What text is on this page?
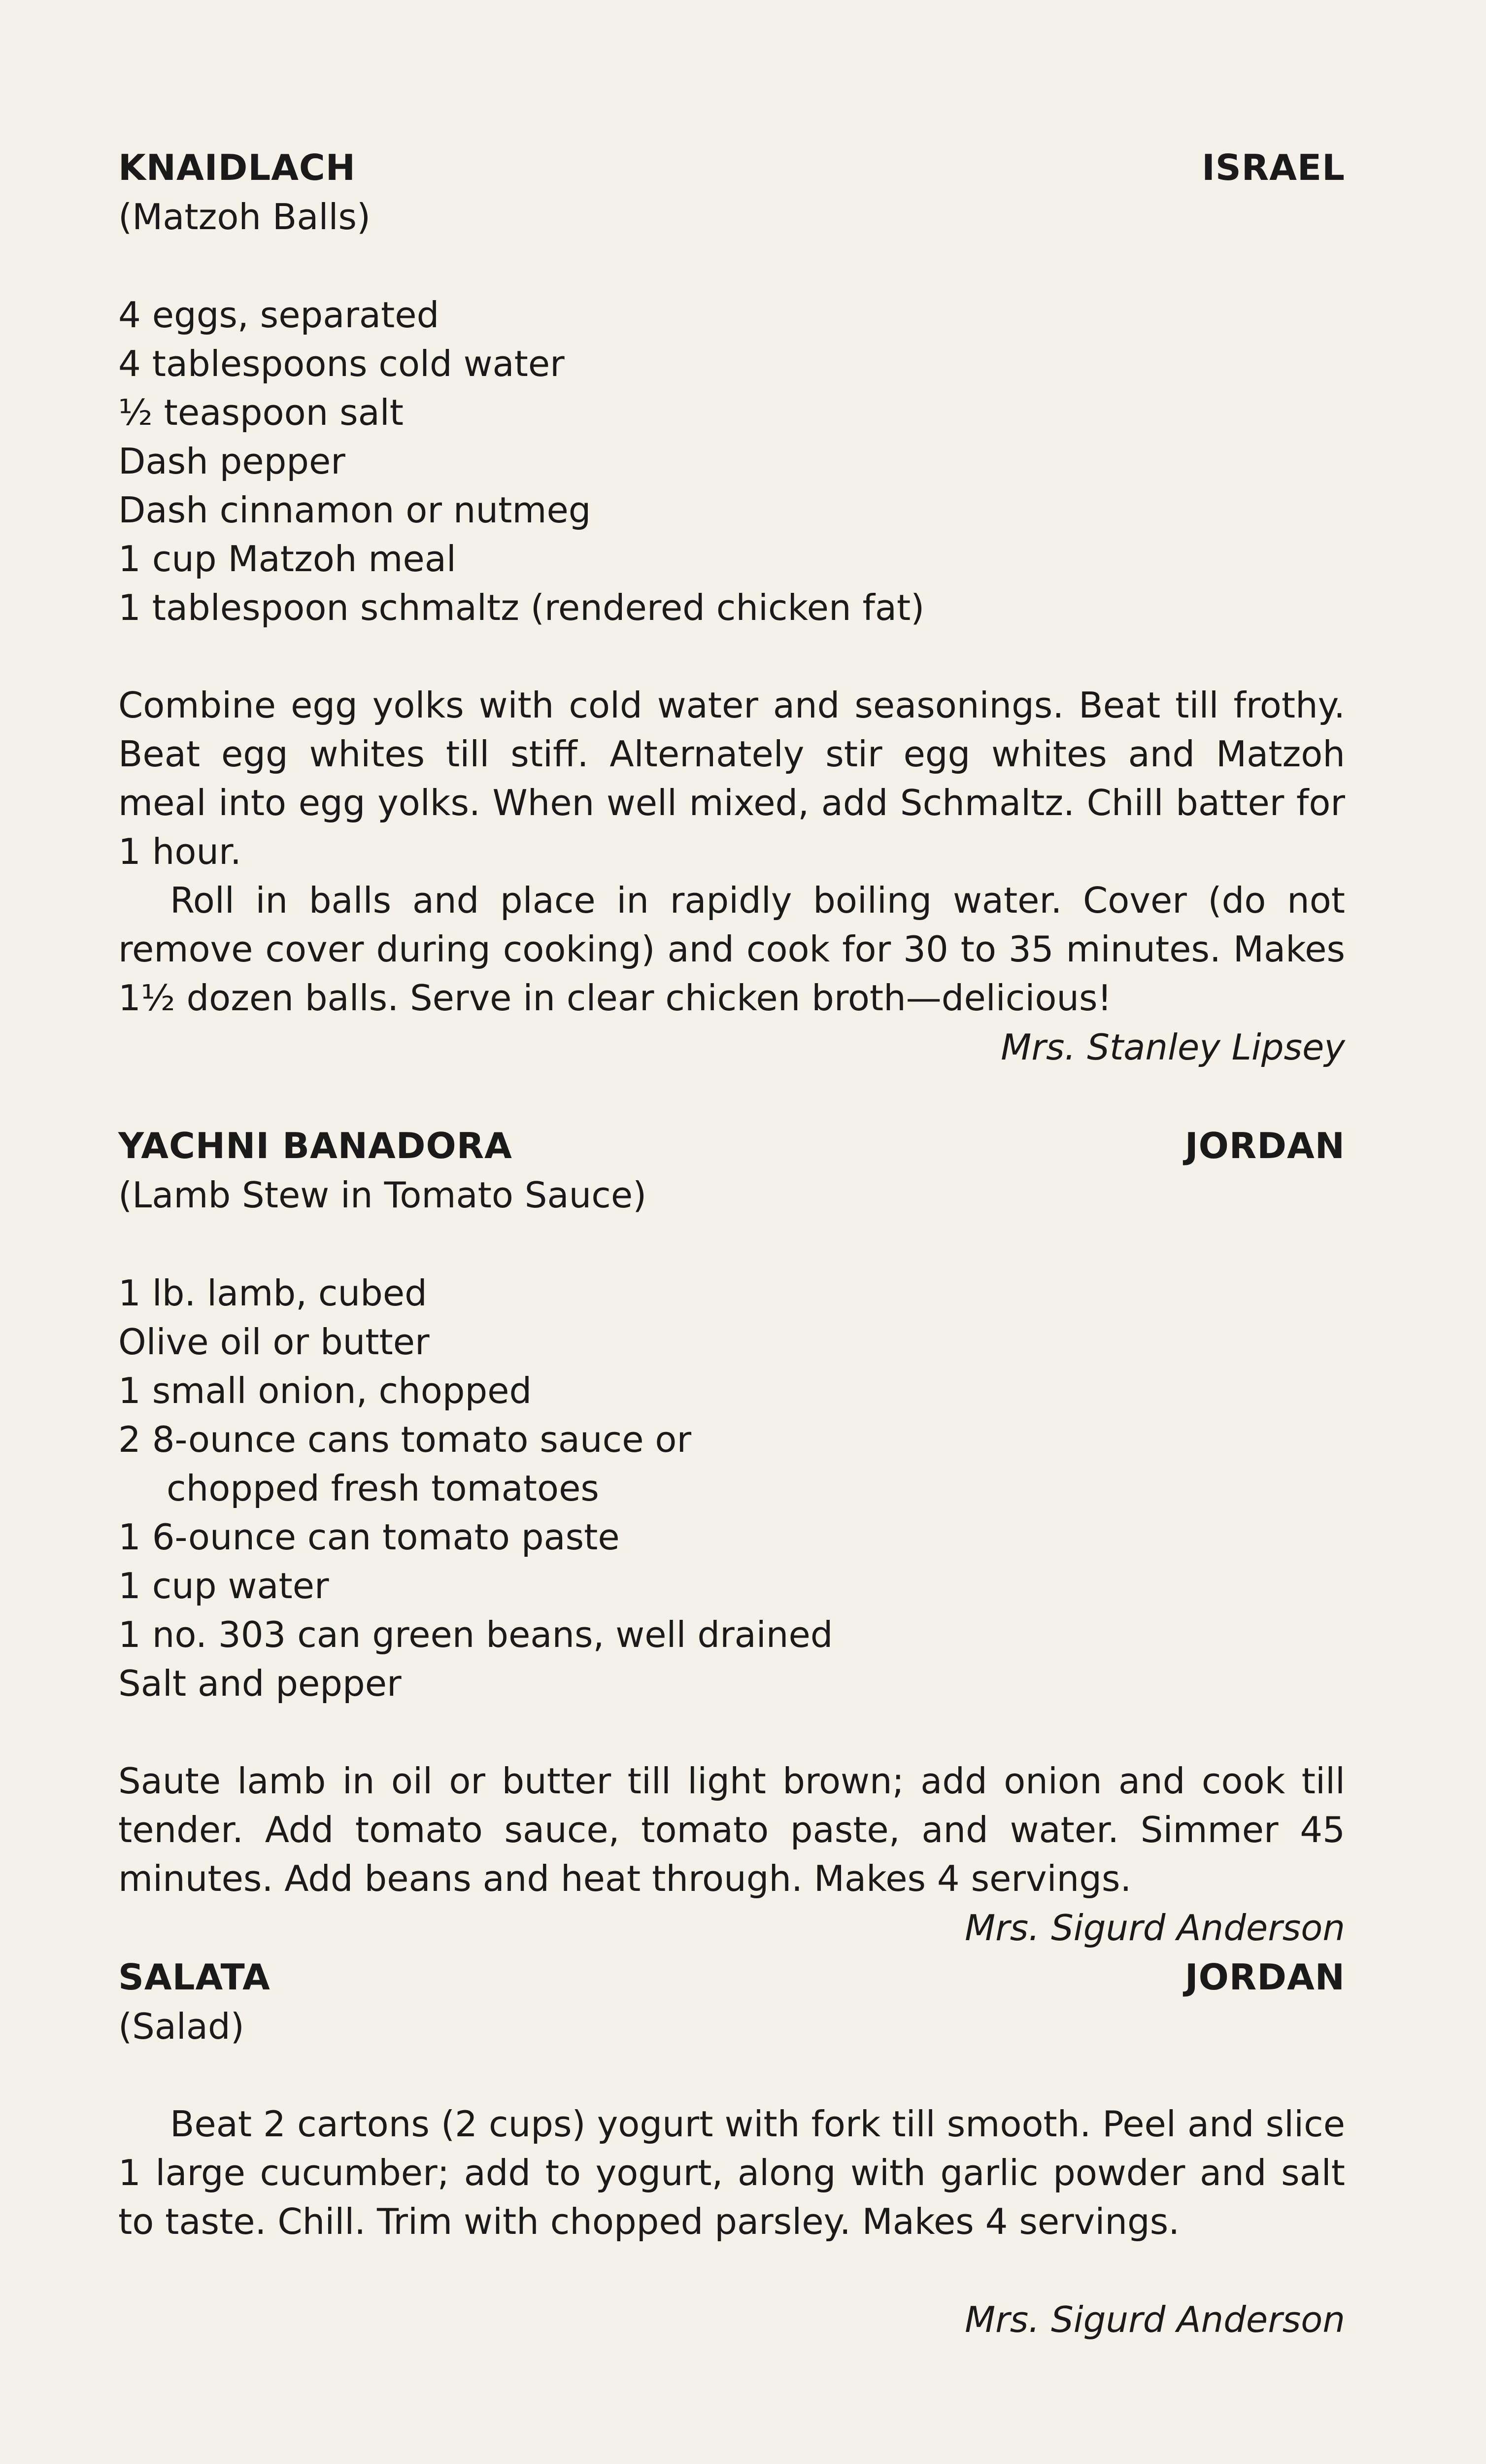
KNAIDLACH	ISRAEL
(Matzoh Balls)
4 eggs, separated
4 tablespoons cold water
½ teaspoon salt
Dash pepper
Dash cinnamon or nutmeg
1 cup Matzoh meal
1 tablespoon schmaltz (rendered chicken fat)

Combine egg yolks with cold water and seasonings. Beat till frothy. Beat egg whites till stiff. Alternately stir egg whites and Matzoh meal into egg yolks. When well mixed, add Schmaltz. Chill batter for 1 hour.

Roll in balls and place in rapidly boiling water. Cover (do not remove cover during cooking) and cook for 30 to 35 minutes. Makes 1½ dozen balls. Serve in clear chicken broth—delicious!

Mrs. Stanley Lipsey
YACHNI BANADORA	JORDAN
(Lamb Stew in Tomato Sauce)
1 lb. lamb, cubed
Olive oil or butter
1 small onion, chopped
2 8-ounce cans tomato sauce or
chopped fresh tomatoes
1 6-ounce can tomato paste
1 cup water
1 no. 303 can green beans, well drained
Salt and pepper

Saute lamb in oil or butter till light brown; add onion and cook till tender. Add tomato sauce, tomato paste, and water. Simmer 45 minutes. Add beans and heat through. Makes 4 servings.

Mrs. Sigurd Anderson
SALATA	JORDAN
(Salad)

Beat 2 cartons (2 cups) yogurt with fork till smooth. Peel and slice 1 large cucumber; add to yogurt, along with garlic powder and salt to taste. Chill. Trim with chopped parsley. Makes 4 servings.

Mrs. Sigurd Anderson
